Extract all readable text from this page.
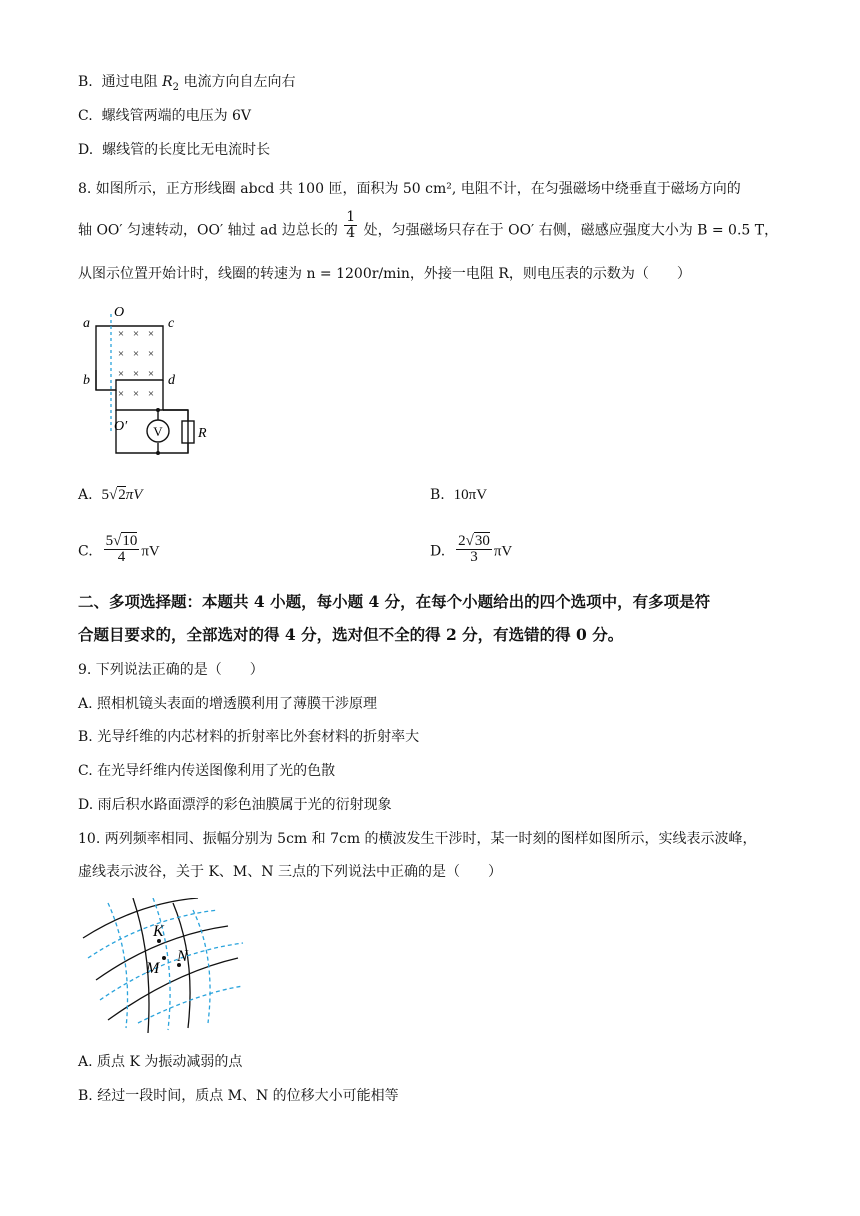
B. 通过电阻 $R_2$ 电流方向自左向右
C. 螺线管两端的电压为 6V
D. 螺线管的长度比无电流时长
8. 如图所示，正方形线圈 abcd 共 100 匝，面积为 50 cm², 电阻不计，在匀强磁场中绕垂直于磁场方向的
轴 OO′ 匀速转动，OO′ 轴过 ad 边总长的 $\frac{1}{4}$ 处，匀强磁场只存在于 OO′ 右侧，磁感应强度大小为 B = 0.5 T，
从图示位置开始计时，线圈的转速为 n = 1200r/min，外接一电阻 R，则电压表的示数为（　　）
V
× × ×
× × ×
× × ×
× × ×
a
b
c
d
O
O′	R
A. 5√2πV	B. 10πV
C. $\frac{5√10}{4}$ πV	D. $\frac{2√30}{3}$ πV
二、多项选择题：本题共 4 小题，每小题 4 分，在每个小题给出的四个选项中，有多项是符
合题目要求的，全部选对的得 4 分，选对但不全的得 2 分，有选错的得 0 分。
9. 下列说法正确的是（　　）
A. 照相机镜头表面的增透膜利用了薄膜干涉原理
B. 光导纤维的内芯材料的折射率比外套材料的折射率大
C. 在光导纤维内传送图像利用了光的色散
D. 雨后积水路面漂浮的彩色油膜属于光的衍射现象
10. 两列频率相同、振幅分别为 5cm 和 7cm 的横波发生干涉时，某一时刻的图样如图所示，实线表示波峰，
虚线表示波谷，关于 K、M、N 三点的下列说法中正确的是（　　）
K
M
N
A. 质点 K 为振动减弱的点
B. 经过一段时间，质点 M、N 的位移大小可能相等
